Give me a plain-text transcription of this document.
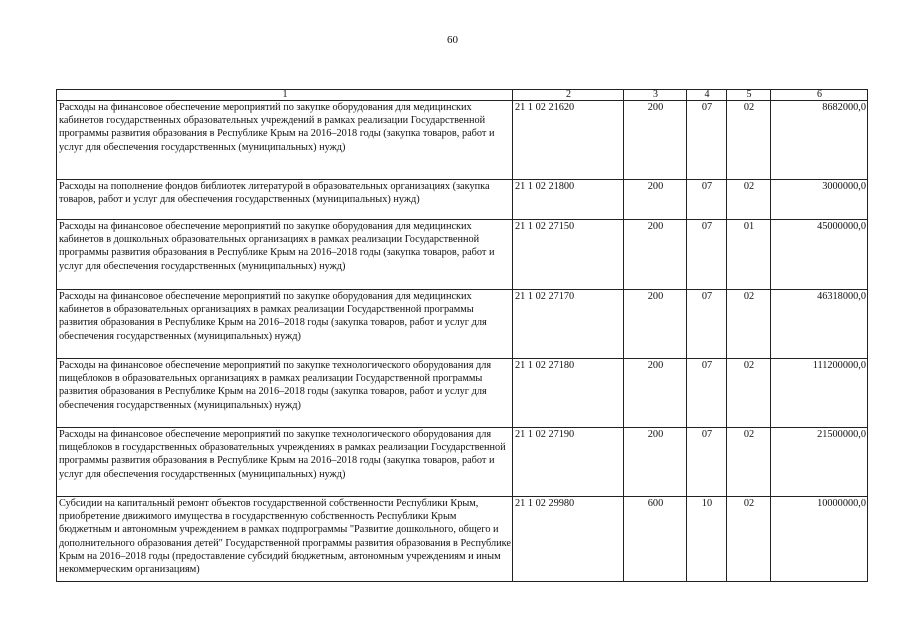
60
1	2	3	4	5	6
Расходы на финансовое обеспечение мероприятий по закупке оборудования для медицинских кабинетов государственных образовательных учреждений в рамках реализации Государственной программы развития образования в Республике Крым на 2016–2018 годы (закупка товаров, работ и услуг для обеспечения государственных (муниципальных) нужд)	21 1 02 21620	200	07	02	8682000,0
Расходы на пополнение фондов библиотек литературой в образовательных организациях (закупка товаров, работ и услуг для обеспечения государственных (муниципальных) нужд)	21 1 02 21800	200	07	02	3000000,0
Расходы на финансовое обеспечение мероприятий по закупке оборудования для медицинских кабинетов в дошкольных образовательных организациях в рамках реализации Государственной программы развития образования в Республике Крым на 2016–2018 годы (закупка товаров, работ и услуг для обеспечения государственных (муниципальных) нужд)	21 1 02 27150	200	07	01	45000000,0
Расходы на финансовое обеспечение мероприятий по закупке оборудования для медицинских кабинетов в образовательных организациях в рамках реализации Государственной программы развития образования в Республике Крым на 2016–2018 годы (закупка товаров, работ и услуг для обеспечения государственных (муниципальных) нужд)	21 1 02 27170	200	07	02	46318000,0
Расходы на финансовое обеспечение мероприятий по закупке технологического оборудования для пищеблоков в образовательных организациях в рамках реализации Государственной программы развития образования в Республике Крым на 2016–2018 годы (закупка товаров, работ и услуг для обеспечения государственных (муниципальных) нужд)	21 1 02 27180	200	07	02	111200000,0
Расходы на финансовое обеспечение мероприятий по закупке технологического оборудования для пищеблоков в государственных образовательных учреждениях в рамках реализации Государственной программы развития образования в Республике Крым на 2016–2018 годы (закупка товаров, работ и услуг для обеспечения государственных (муниципальных) нужд)	21 1 02 27190	200	07	02	21500000,0
Субсидии на капитальный ремонт объектов государственной собственности Республики Крым, приобретение движимого имущества в государственную собственность Республики Крым бюджетным и автономным учреждением в рамках подпрограммы "Развитие дошкольного, общего и дополнительного образования детей" Государственной программы развития образования в Республике Крым на 2016–2018 годы (предоставление субсидий бюджетным, автономным учреждениям и иным некоммерческим организациям)	21 1 02 29980	600	10	02	10000000,0
